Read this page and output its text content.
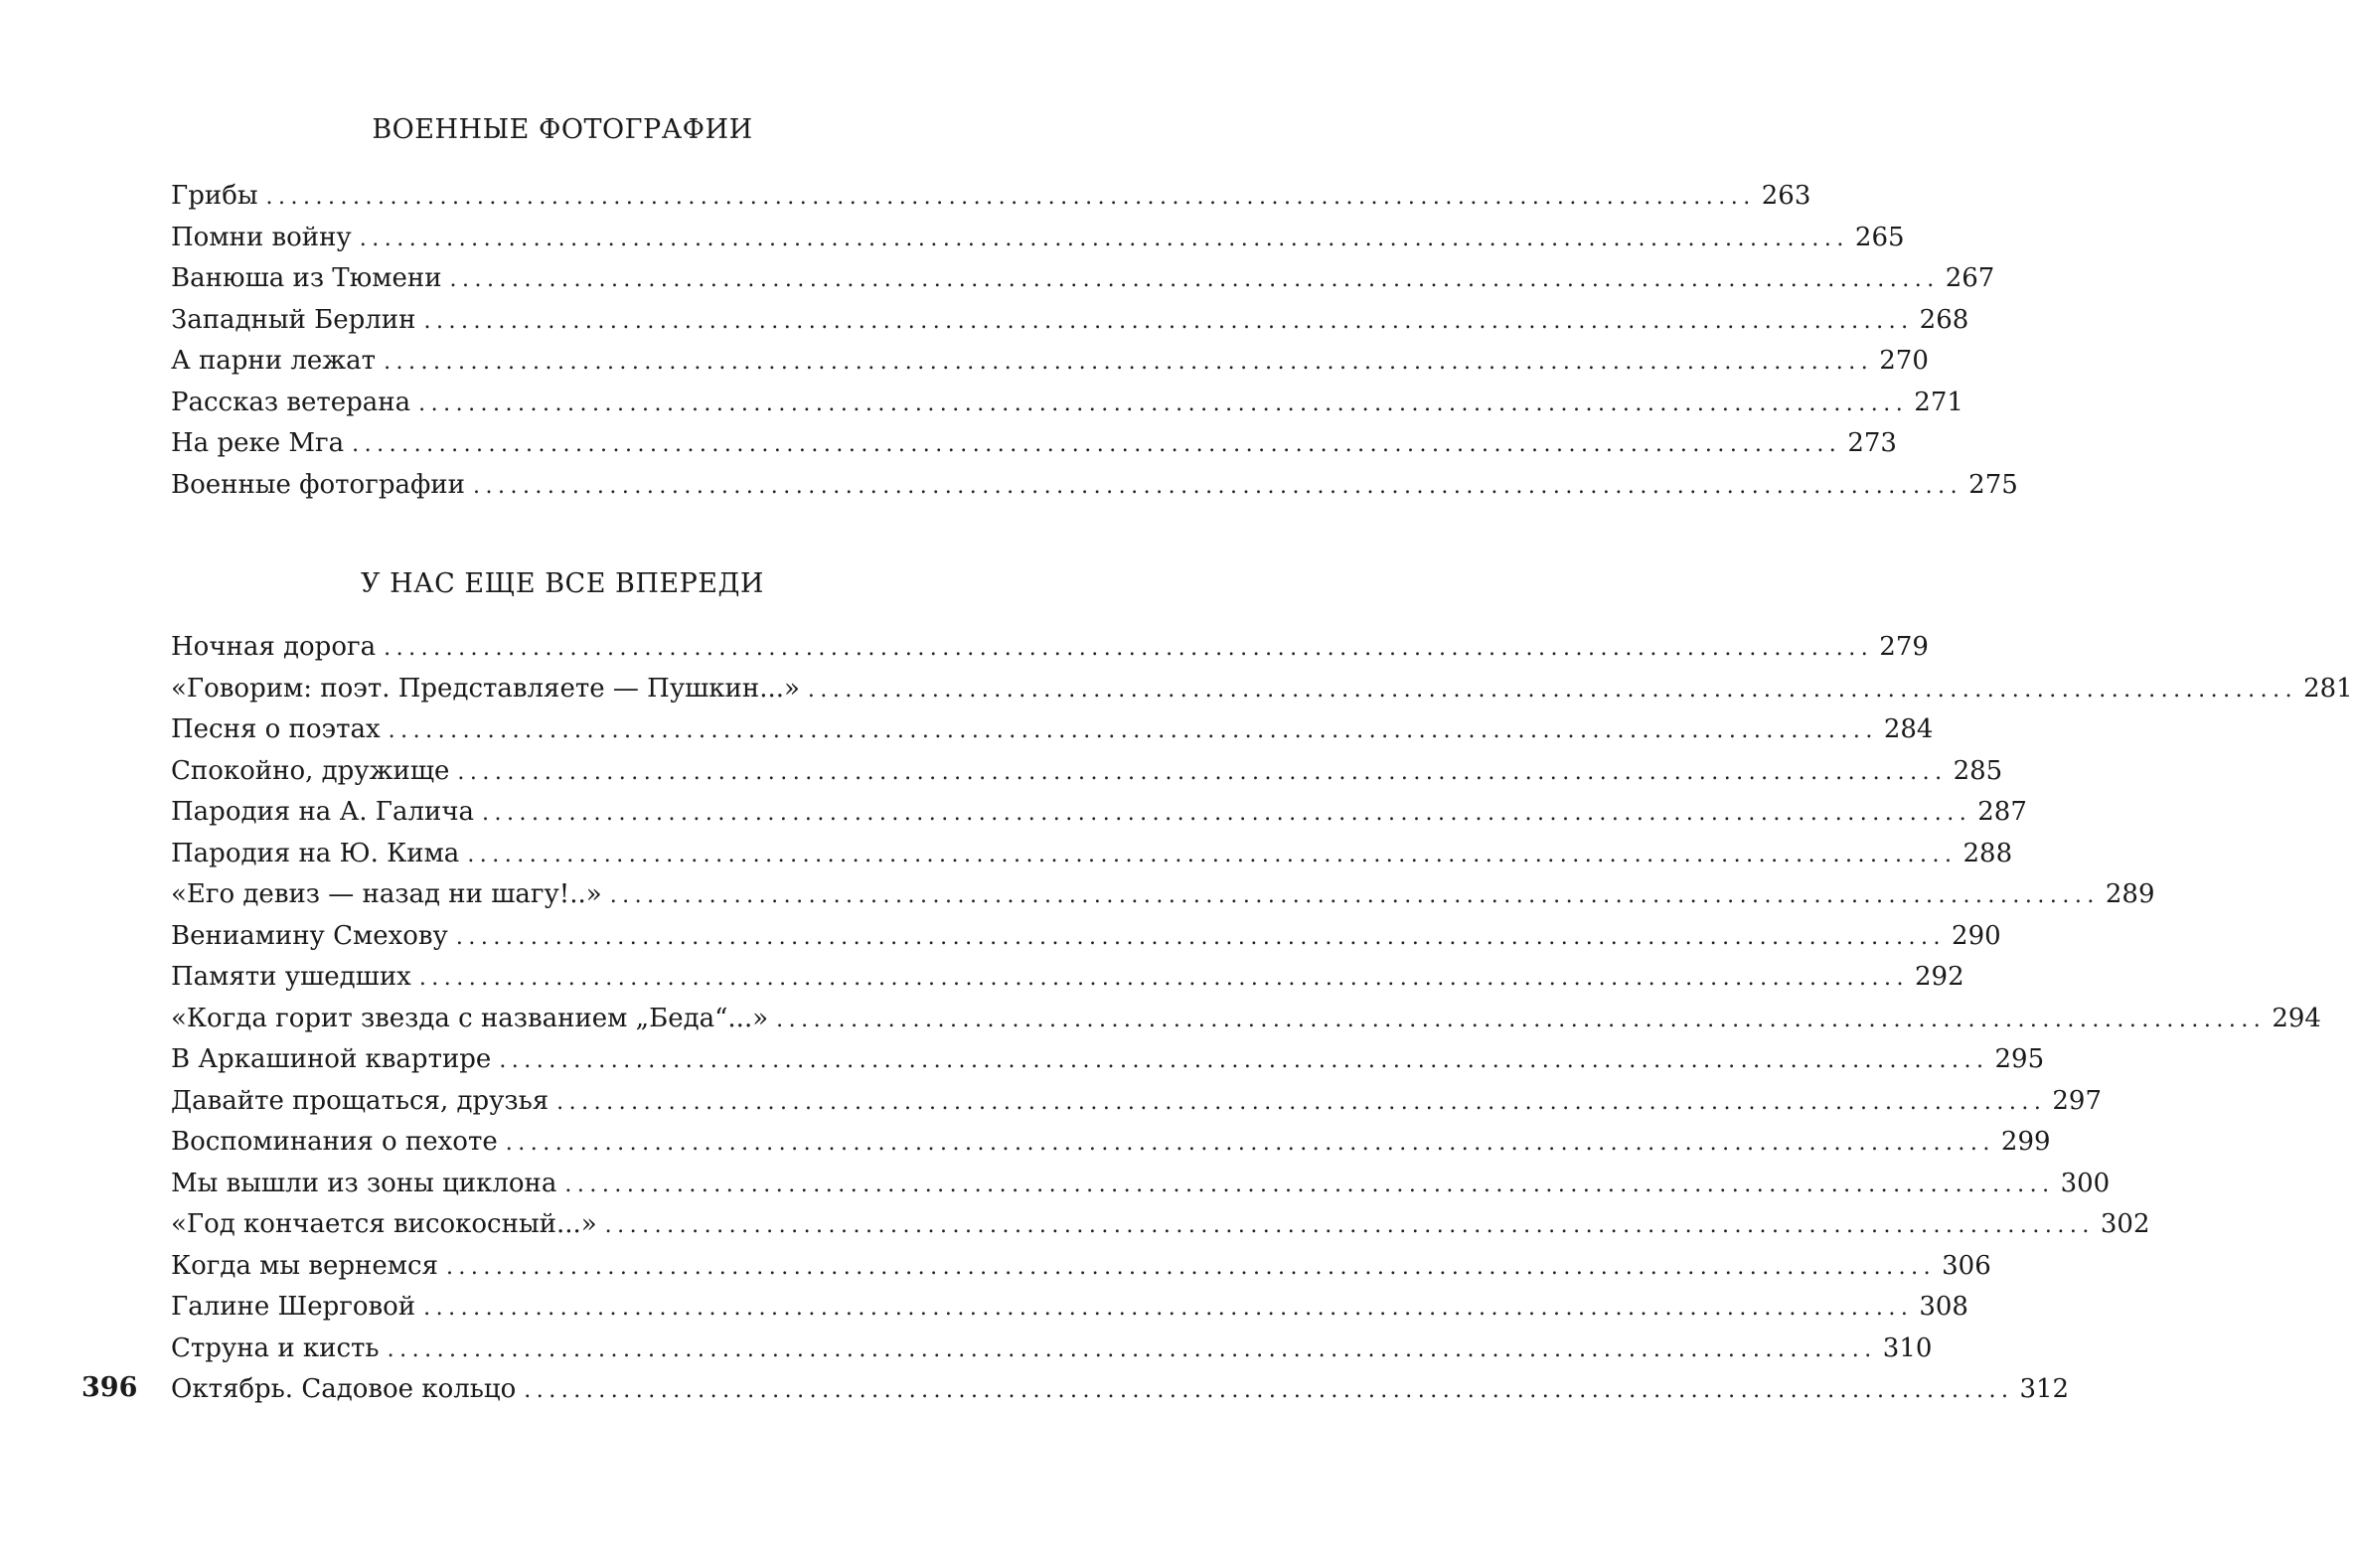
ВОЕННЫЕ ФОТОГРАФИИ
Грибы ........................................................................................................................ 263
Помни войну ........................................................................................................................ 265
Ванюша из Тюмени ........................................................................................................................ 267
Западный Берлин ........................................................................................................................ 268
А парни лежат ........................................................................................................................ 270
Рассказ ветерана ........................................................................................................................ 271
На реке Мга ........................................................................................................................ 273
Военные фотографии ........................................................................................................................ 275
У НАС ЕЩЕ ВСЕ ВПЕРЕДИ
Ночная дорога ........................................................................................................................ 279
«Говорим: поэт. Представляете — Пушкин...» ........................................................................................................................ 281
Песня о поэтах ........................................................................................................................ 284
Спокойно, дружище ........................................................................................................................ 285
Пародия на А. Галича ........................................................................................................................ 287
Пародия на Ю. Кима ........................................................................................................................ 288
«Его девиз — назад ни шагу!..» ........................................................................................................................ 289
Вениамину Смехову ........................................................................................................................ 290
Памяти ушедших ........................................................................................................................ 292
«Когда горит звезда с названием „Беда“...» ........................................................................................................................ 294
В Аркашиной квартире ........................................................................................................................ 295
Давайте прощаться, друзья ........................................................................................................................ 297
Воспоминания о пехоте ........................................................................................................................ 299
Мы вышли из зоны циклона ........................................................................................................................ 300
«Год кончается високосный...» ........................................................................................................................ 302
Когда мы вернемся ........................................................................................................................ 306
Галине Шерговой ........................................................................................................................ 308
Струна и кисть ........................................................................................................................ 310
Октябрь. Садовое кольцо ........................................................................................................................ 312
396
